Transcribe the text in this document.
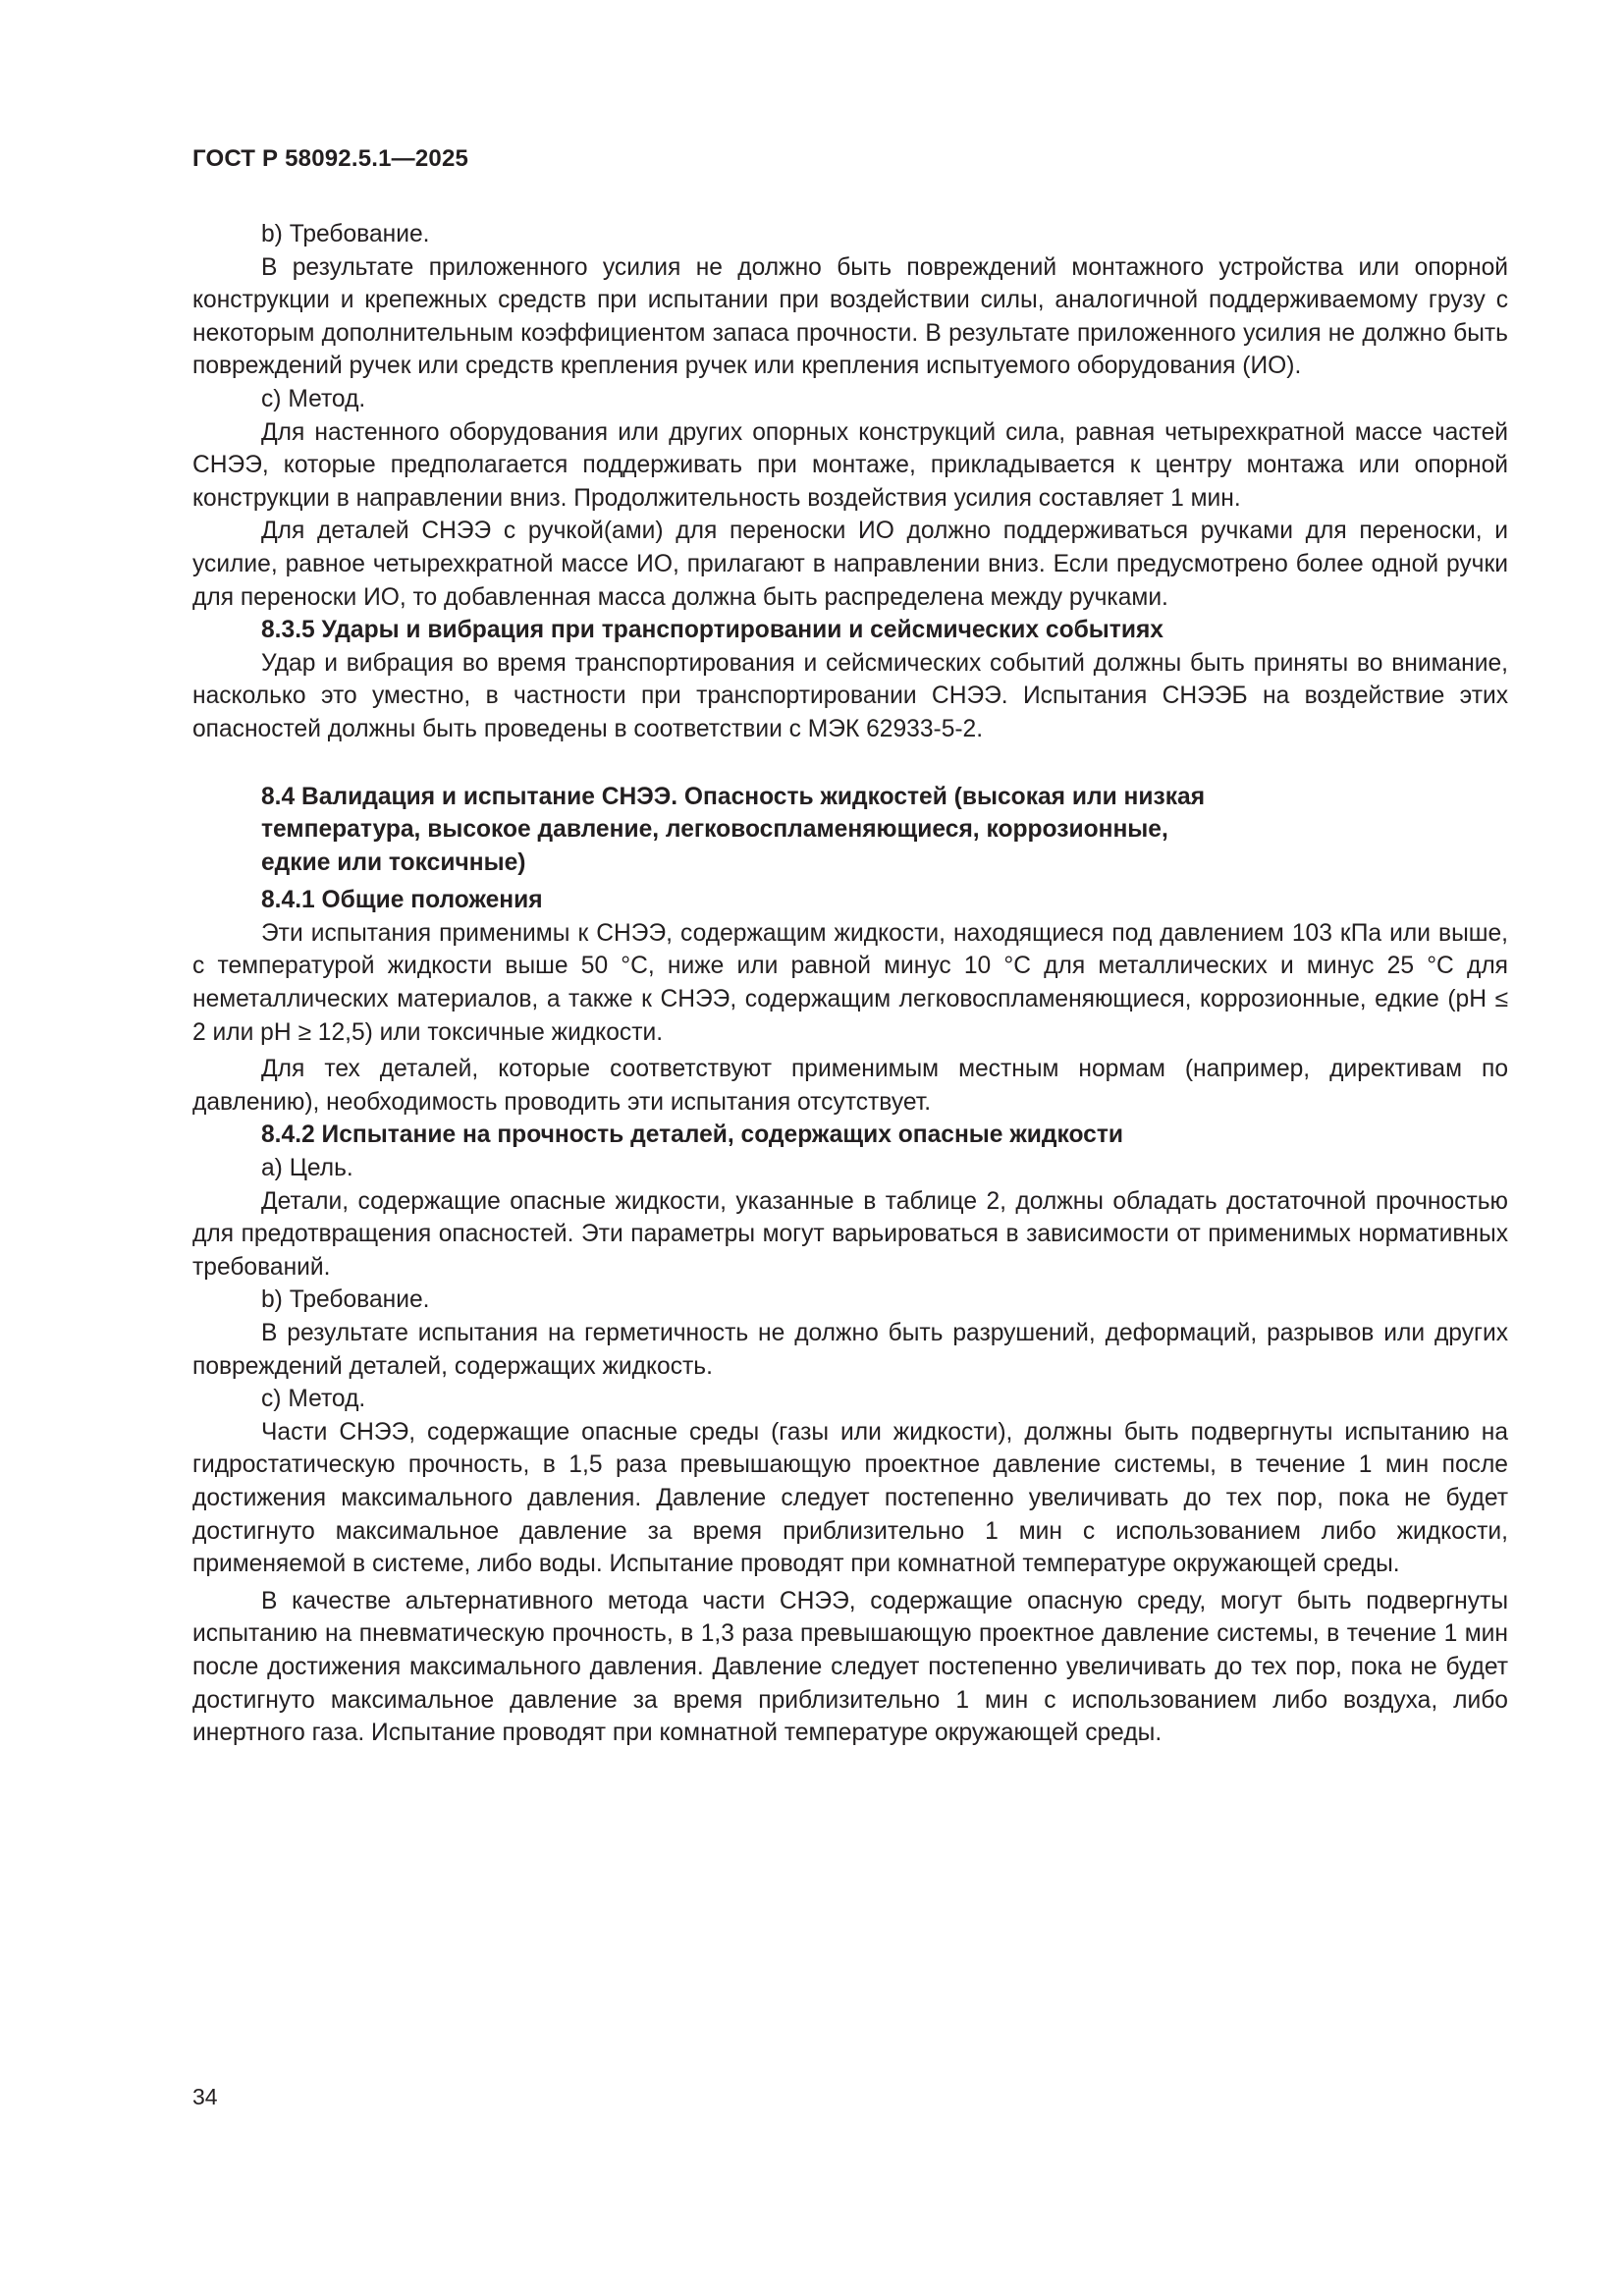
ГОСТ Р 58092.5.1—2025

b) Требование.

В результате приложенного усилия не должно быть повреждений монтажного устройства или опорной конструкции и крепежных средств при испытании при воздействии силы, аналогичной поддерживаемому грузу с некоторым дополнительным коэффициентом запаса прочности. В результате приложенного усилия не должно быть повреждений ручек или средств крепления ручек или крепления испытуемого оборудования (ИО).

с) Метод.

Для настенного оборудования или других опорных конструкций сила, равная четырехкратной массе частей СНЭЭ, которые предполагается поддерживать при монтаже, прикладывается к центру монтажа или опорной конструкции в направлении вниз. Продолжительность воздействия усилия составляет 1 мин.

Для деталей СНЭЭ с ручкой(ами) для переноски ИО должно поддерживаться ручками для переноски, и усилие, равное четырехкратной массе ИО, прилагают в направлении вниз. Если предусмотрено более одной ручки для переноски ИО, то добавленная масса должна быть распределена между ручками.

8.3.5 Удары и вибрация при транспортировании и сейсмических событиях

Удар и вибрация во время транспортирования и сейсмических событий должны быть приняты во внимание, насколько это уместно, в частности при транспортировании СНЭЭ. Испытания СНЭЭБ на воздействие этих опасностей должны быть проведены в соответствии с МЭК 62933-5-2.

8.4 Валидация и испытание СНЭЭ. Опасность жидкостей (высокая или низкая
температура, высокое давление, легковоспламеняющиеся, коррозионные,
едкие или токсичные)
8.4.1 Общие положения

Эти испытания применимы к СНЭЭ, содержащим жидкости, находящиеся под давлением 103 кПа или выше, с температурой жидкости выше 50 °С, ниже или равной минус 10 °С для металлических и минус 25 °С для неметаллических материалов, а также к СНЭЭ, содержащим легковоспламеняющиеся, коррозионные, едкие (pH ≤ 2 или pH ≥ 12,5) или токсичные жидкости.

Для тех деталей, которые соответствуют применимым местным нормам (например, директивам по давлению), необходимость проводить эти испытания отсутствует.

8.4.2 Испытание на прочность деталей, содержащих опасные жидкости

a) Цель.

Детали, содержащие опасные жидкости, указанные в таблице 2, должны обладать достаточной прочностью для предотвращения опасностей. Эти параметры могут варьироваться в зависимости от применимых нормативных требований.

b) Требование.

В результате испытания на герметичность не должно быть разрушений, деформаций, разрывов или других повреждений деталей, содержащих жидкость.

с) Метод.

Части СНЭЭ, содержащие опасные среды (газы или жидкости), должны быть подвергнуты испытанию на гидростатическую прочность, в 1,5 раза превышающую проектное давление системы, в течение 1 мин после достижения максимального давления. Давление следует постепенно увеличивать до тех пор, пока не будет достигнуто максимальное давление за время приблизительно 1 мин с использованием либо жидкости, применяемой в системе, либо воды. Испытание проводят при комнатной температуре окружающей среды.

В качестве альтернативного метода части СНЭЭ, содержащие опасную среду, могут быть подвергнуты испытанию на пневматическую прочность, в 1,3 раза превышающую проектное давление системы, в течение 1 мин после достижения максимального давления. Давление следует постепенно увеличивать до тех пор, пока не будет достигнуто максимальное давление за время приблизительно 1 мин с использованием либо воздуха, либо инертного газа. Испытание проводят при комнатной температуре окружающей среды.

34
